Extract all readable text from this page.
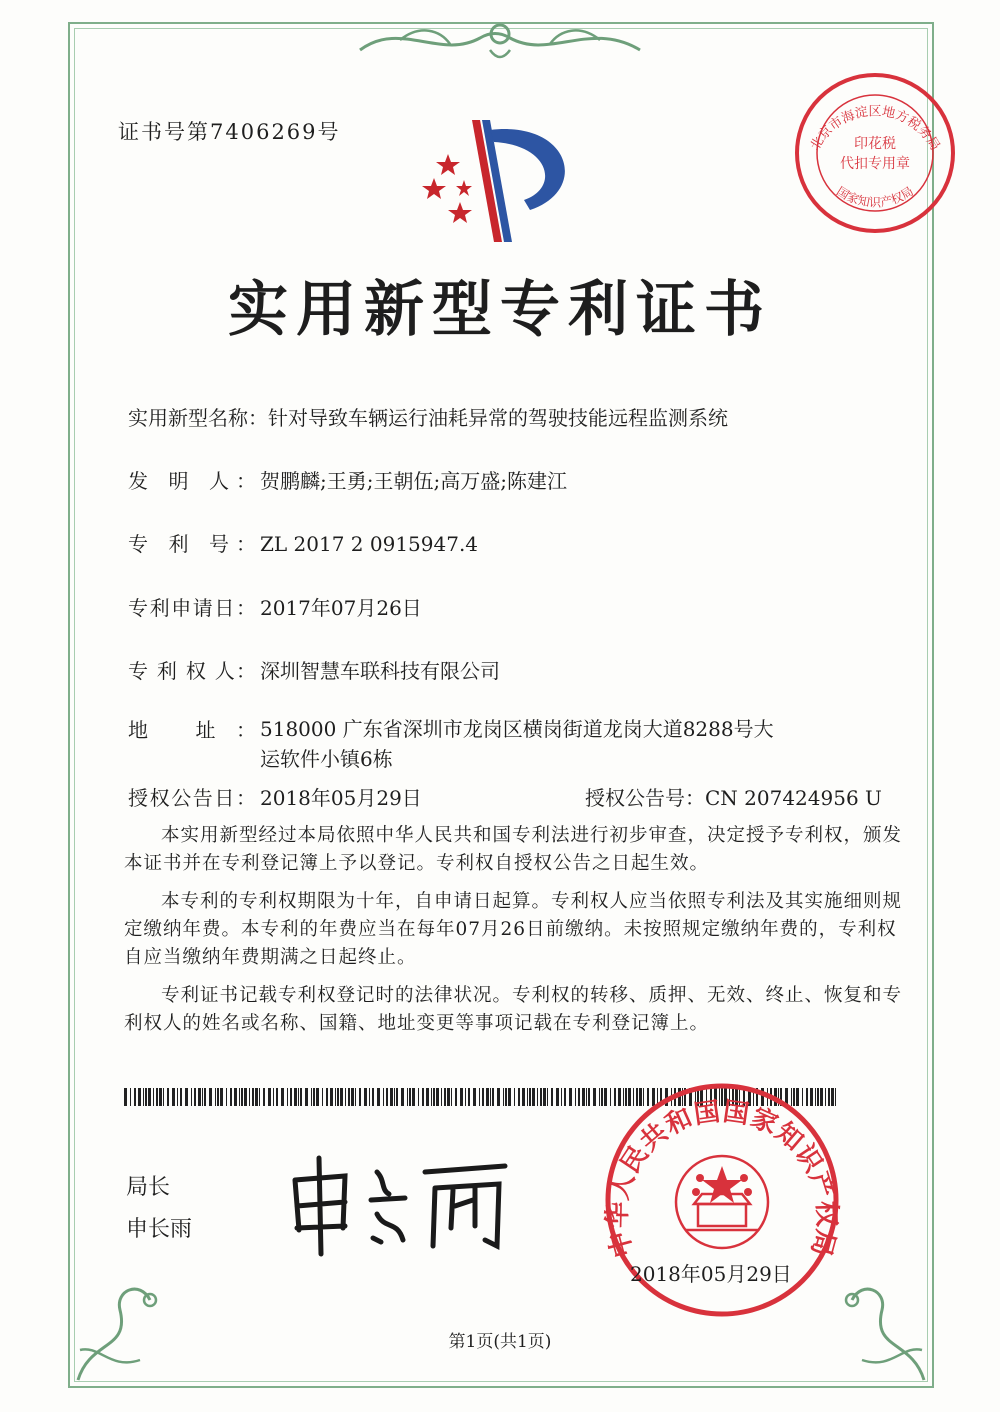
证书号第7406269号	北京市海淀区地方税务局
国家知识产权局
印花税
代扣专用章
实用新型专利证书
实用新型名称：针对导致车辆运行油耗异常的驾驶技能远程监测系统
发 明 人： 贺鹏麟;王勇;王朝伍;高万盛;陈建江
专 利 号： ZL 2017 2 0915947.4
专利申请日： 2017年07月26日
专 利 权 人： 深圳智慧车联科技有限公司
地 址： 518000 广东省深圳市龙岗区横岗街道龙岗大道8288号大运软件小镇6栋
授权公告日： 2018年05月29日	授权公告号：CN 207424956 U
本实用新型经过本局依照中华人民共和国专利法进行初步审查，决定授予专利权，颁发本证书并在专利登记簿上予以登记。专利权自授权公告之日起生效。
本专利的专利权期限为十年，自申请日起算。专利权人应当依照专利法及其实施细则规定缴纳年费。本专利的年费应当在每年07月26日前缴纳。未按照规定缴纳年费的，专利权自应当缴纳年费期满之日起终止。
专利证书记载专利权登记时的法律状况。专利权的转移、质押、无效、终止、恢复和专利权人的姓名或名称、国籍、地址变更等事项记载在专利登记簿上。
局长
申长雨	中华人民共和国国家知识产权局
2018年05月29日
第1页(共1页)
